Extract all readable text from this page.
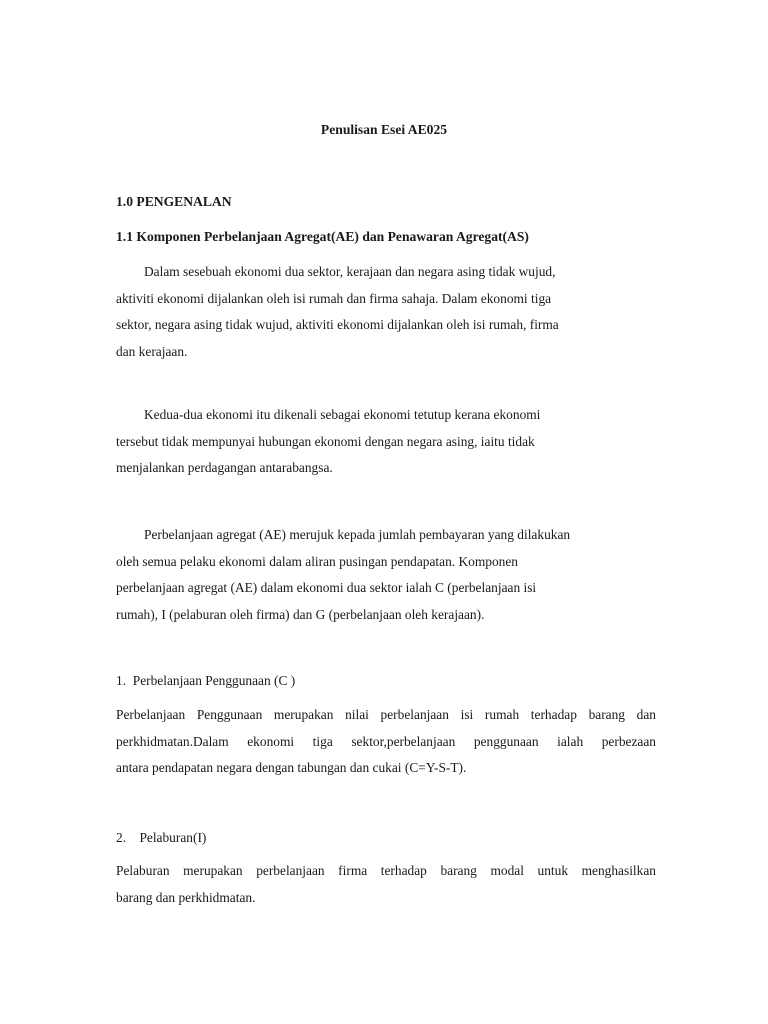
Penulisan Esei AE025
1.0 PENGENALAN
1.1 Komponen Perbelanjaan Agregat(AE) dan Penawaran Agregat(AS)
Dalam sesebuah ekonomi dua sektor, kerajaan dan negara asing tidak wujud,
aktiviti ekonomi dijalankan oleh isi rumah dan firma sahaja. Dalam ekonomi tiga
sektor, negara asing tidak wujud, aktiviti ekonomi dijalankan oleh isi rumah, firma
dan kerajaan.
Kedua-dua ekonomi itu dikenali sebagai ekonomi tetutup kerana ekonomi
tersebut tidak mempunyai hubungan ekonomi dengan negara asing, iaitu tidak
menjalankan perdagangan antarabangsa.
Perbelanjaan agregat (AE) merujuk kepada jumlah pembayaran yang dilakukan
oleh semua pelaku ekonomi dalam aliran pusingan pendapatan. Komponen
perbelanjaan agregat (AE) dalam ekonomi dua sektor ialah C (perbelanjaan isi
rumah), I (pelaburan oleh firma) dan G (perbelanjaan oleh kerajaan).
1. Perbelanjaan Penggunaan (C )
Perbelanjaan Penggunaan merupakan nilai perbelanjaan isi rumah terhadap barang dan
perkhidmatan.Dalam ekonomi tiga sektor,perbelanjaan penggunaan ialah perbezaan
antara pendapatan negara dengan tabungan dan cukai (C=Y-S-T).
2. Pelaburan(I)
Pelaburan merupakan perbelanjaan firma terhadap barang modal untuk menghasilkan
barang dan perkhidmatan.
